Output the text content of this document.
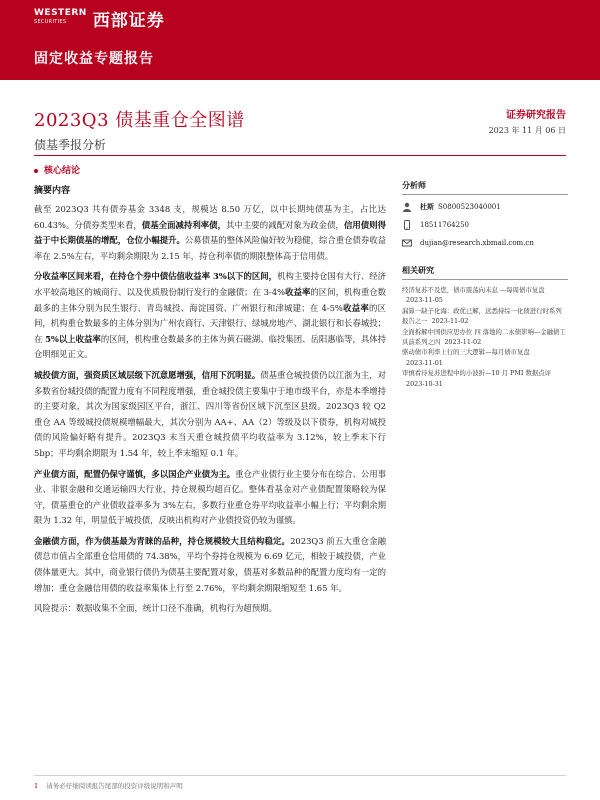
WESTERN
SECURITIES	西部证券
固定收益专题报告
2023Q3 债基重仓全图谱
债基季报分析
证券研究报告
2023 年 11 月 06 日
核心结论
摘要内容
截至 2023Q3 共有债券基金 3348 支，规模达 8.50 万亿，以中长期纯债基为主，占比达 60.43%。分债券类型来看，债基全面减持利率债，其中主要的减配对象为政金债，信用债则得益于中长期债基的增配，仓位小幅提升。公募债基的整体风险偏好较为稳健，综合重仓债券收益率在 2.5%左右，平均剩余期限为 2.15 年，持仓利率债的期限整体高于信用债。
分收益率区间来看，在持仓个券中债估值收益率 3%以下的区间，机构主要持仓国有大行、经济水平较高地区的城商行、以及优质股份制行发行的金融债；在 3-4%收益率的区间，机构重仓数最多的主体分别为民生银行、青岛城投、海淀国资、广州银行和津城建；在 4-5%收益率的区间，机构重仓数最多的主体分别为广州农商行、天津银行、绿城房地产、湖北银行和长春城投；在 5%以上收益率的区间，机构重仓数最多的主体为黄石磁湖、临投集团、岳阳惠临等，具体持仓明细见正文。
城投债方面，强资质区域层级下沉意愿增强，信用下沉明显。债基重仓城投债仍以江浙为主，对多数省份城投债的配置力度有不同程度增强，重仓城投债主要集中于地市级平台，亦是本季增持的主要对象，其次为国家级园区平台，浙江、四川等省份区域下沉至区县级。2023Q3 较 Q2 重仓 AA 等级城投债规模增幅最大，其次分别为 AA+、AA（2）等级及以下债券，机构对城投债的风险偏好略有提升。2023Q3 末当天重仓城投债平均收益率为 3.12%，较上季末下行 5bp；平均剩余期限为 1.54 年，较上季末缩短 0.1 年。
产业债方面，配置仍保守谨慎，多以国企产业债为主。重仓产业债行业主要分布在综合、公用事业、非银金融和交通运输四大行业，持仓规模均超百亿。整体看基金对产业债配置策略较为保守，债基重仓的产业债收益率多为 3%左右，多数行业重仓券平均收益率小幅上行；平均剩余期限为 1.32 年，明显低于城投债，反映出机构对产业债投资仍较为谨慎。
金融债方面，作为债基最为青睐的品种，持仓规模较大且结构稳定。2023Q3 前五大重仓金融债总市值占全部重仓信用债的 74.38%，平均个券持仓规模为 6.69 亿元，相较于城投债，产业债体量更大。其中，商业银行债仍为债基主要配置对象，债基对多数品种的配置力度均有一定的增加；重仓金融信用债的收益率集体上行至 2.76%，平均剩余期限缩短至 1.65 年。
风险提示：数据收集不全面，统计口径不准确，机构行为超预期。
分析师
杜斯 S0800523040001
18511764250
dujian@research.xbmail.com.cn
相关研究
经济复苏不及您，债市震荡向未息 —每周债市复盘2023-11-05
漏算一缺子化海：政优已解，远悉持综一化债进行时系列报告之一 2023-11-02
全面拆解中国供应思办位 四 落地的二永债影响—金融债工具前系列之四 2023-11-02
驱动债市利率上行的三大逻辑—每月债市复盘2023-11-01
审慎看待复苏进程中的小波折—10 月 PMI 数据点评2023-10-31
1 请务必仔细阅读报告尾部的投资评级说明和声明
